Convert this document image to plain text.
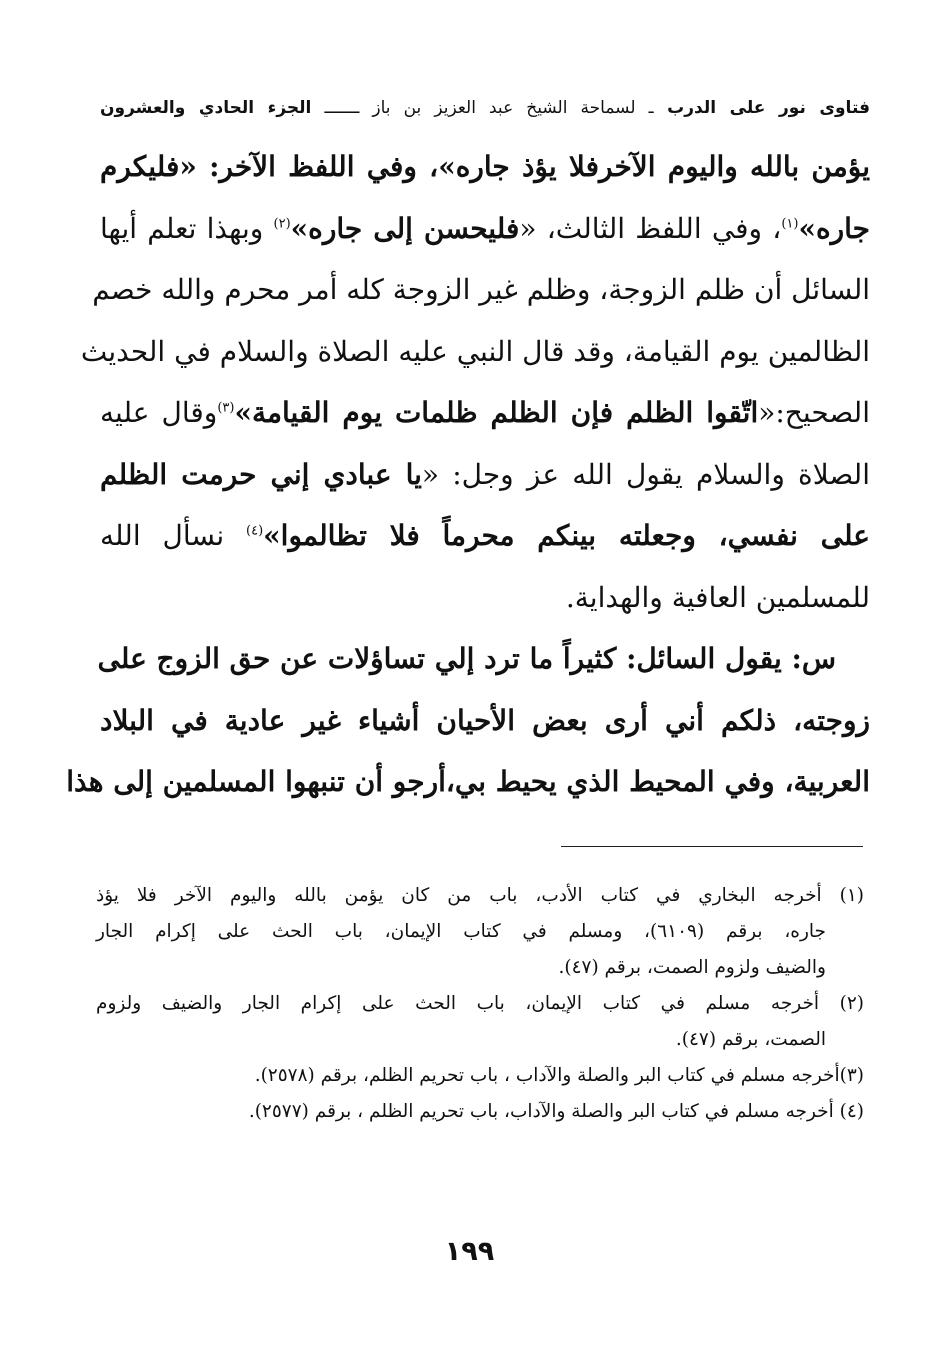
فتاوى نور على الدرب ـ لسماحة الشيخ عبد العزيز بن باز ـــــــ الجزء الحادي والعشرون
يؤمن بالله واليوم الآخرفلا يؤذ جاره»، وفي اللفظ الآخر: «فليكرم
جاره»$^{(١)}$، وفي اللفظ الثالث، «فليحسن إلى جاره»$^{(٢)}$ وبهذا تعلم أيها
السائل أن ظلم الزوجة، وظلم غير الزوجة كله أمر محرم والله خصم
الظالمين يوم القيامة، وقد قال النبي عليه الصلاة والسلام في الحديث
الصحيح:«اتّقوا الظلم فإن الظلم ظلمات يوم القيامة»$^{(٣)}$وقال عليه
الصلاة والسلام يقول الله عز وجل: «يا عبادي إني حرمت الظلم
على نفسي، وجعلته بينكم محرماً فلا تظالموا»$^{(٤)}$ نسأل الله
للمسلمين العافية والهداية.
س: يقول السائل: كثيراً ما ترد إلي تساؤلات عن حق الزوج على
زوجته، ذلكم أني أرى بعض الأحيان أشياء غير عادية في البلاد
العربية، وفي المحيط الذي يحيط بي،أرجو أن تنبهوا المسلمين إلى هذا
(١) أخرجه البخاري في كتاب الأدب، باب من كان يؤمن بالله واليوم الآخر فلا يؤذ
جاره، برقم (٦١٠٩)، ومسلم في كتاب الإيمان، باب الحث على إكرام الجار
والضيف ولزوم الصمت، برقم (٤٧).
(٢) أخرجه مسلم في كتاب الإيمان، باب الحث على إكرام الجار والضيف ولزوم
الصمت، برقم (٤٧).
(٣)أخرجه مسلم في كتاب البر والصلة والآداب ، باب تحريم الظلم، برقم (٢٥٧٨).
(٤) أخرجه مسلم في كتاب البر والصلة والآداب، باب تحريم الظلم ، برقم (٢٥٧٧).
١٩٩
